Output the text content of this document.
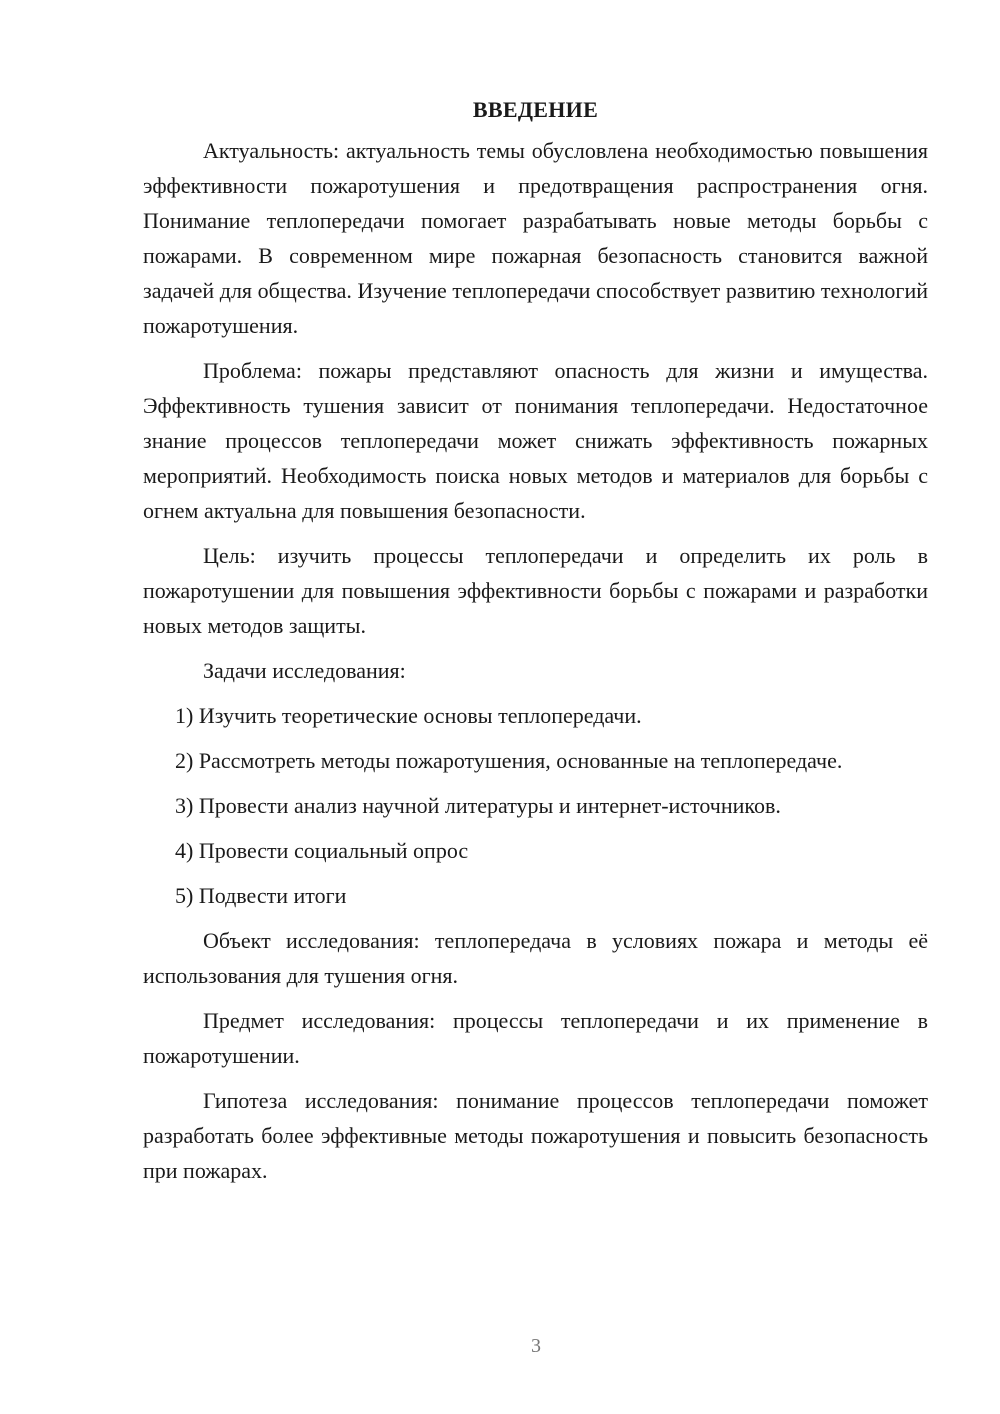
ВВЕДЕНИЕ

Актуальность: актуальность темы обусловлена необходимостью повышения эффективности пожаротушения и предотвращения распространения огня. Понимание теплопередачи помогает разрабатывать новые методы борьбы с пожарами. В современном мире пожарная безопасность становится важной задачей для общества. Изучение теплопередачи способствует развитию технологий пожаротушения.

Проблема: пожары представляют опасность для жизни и имущества. Эффективность тушения зависит от понимания теплопередачи. Недостаточное знание процессов теплопередачи может снижать эффективность пожарных мероприятий. Необходимость поиска новых методов и материалов для борьбы с огнем актуальна для повышения безопасности.

Цель: изучить процессы теплопередачи и определить их роль в пожаротушении для повышения эффективности борьбы с пожарами и разработки новых методов защиты.

Задачи исследования:

1) Изучить теоретические основы теплопередачи.

2) Рассмотреть методы пожаротушения, основанные на теплопередаче.

3) Провести анализ научной литературы и интернет-источников.

4) Провести социальный опрос

5) Подвести итоги

Объект исследования: теплопередача в условиях пожара и методы её использования для тушения огня.

Предмет исследования: процессы теплопередачи и их применение в пожаротушении.

Гипотеза исследования: понимание процессов теплопередачи поможет разработать более эффективные методы пожаротушения и повысить безопасность при пожарах.

3
